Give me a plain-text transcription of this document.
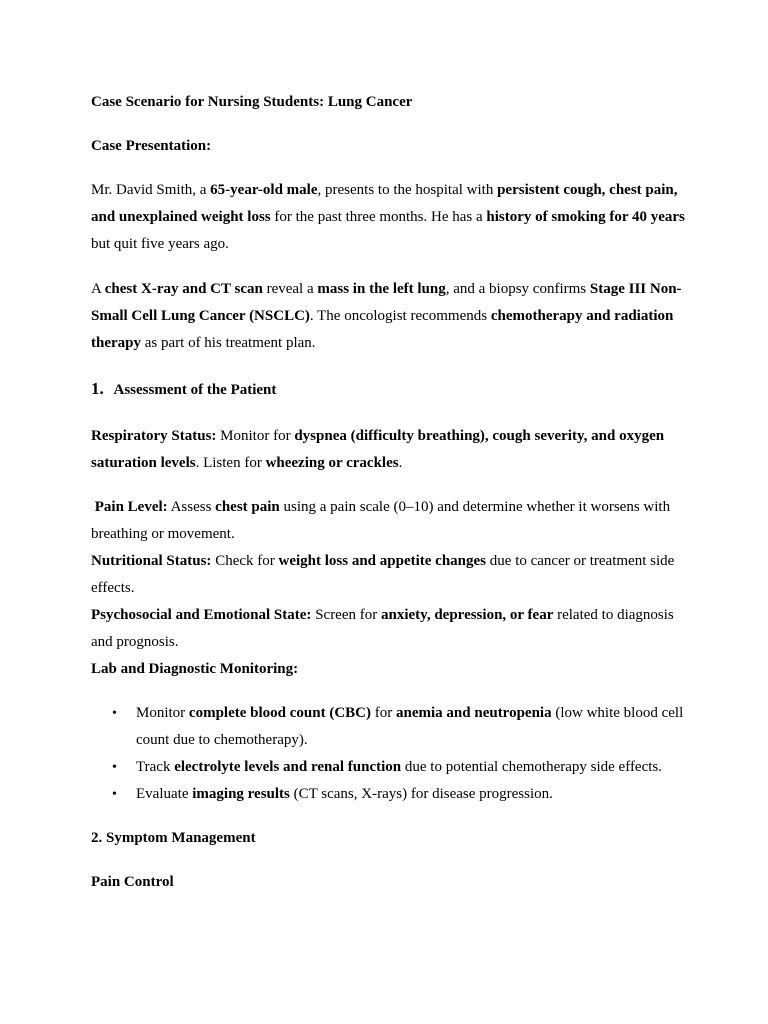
Case Scenario for Nursing Students: Lung Cancer
Case Presentation:
Mr. David Smith, a 65-year-old male, presents to the hospital with persistent cough, chest pain, and unexplained weight loss for the past three months. He has a history of smoking for 40 years but quit five years ago.
A chest X-ray and CT scan reveal a mass in the left lung, and a biopsy confirms Stage III Non-Small Cell Lung Cancer (NSCLC). The oncologist recommends chemotherapy and radiation therapy as part of his treatment plan.
1. Assessment of the Patient
Respiratory Status: Monitor for dyspnea (difficulty breathing), cough severity, and oxygen saturation levels. Listen for wheezing or crackles.
Pain Level: Assess chest pain using a pain scale (0–10) and determine whether it worsens with breathing or movement.
Nutritional Status: Check for weight loss and appetite changes due to cancer or treatment side effects.
Psychosocial and Emotional State: Screen for anxiety, depression, or fear related to diagnosis and prognosis.
Lab and Diagnostic Monitoring:
• Monitor complete blood count (CBC) for anemia and neutropenia (low white blood cell count due to chemotherapy).
• Track electrolyte levels and renal function due to potential chemotherapy side effects.
• Evaluate imaging results (CT scans, X-rays) for disease progression.
2. Symptom Management
Pain Control
